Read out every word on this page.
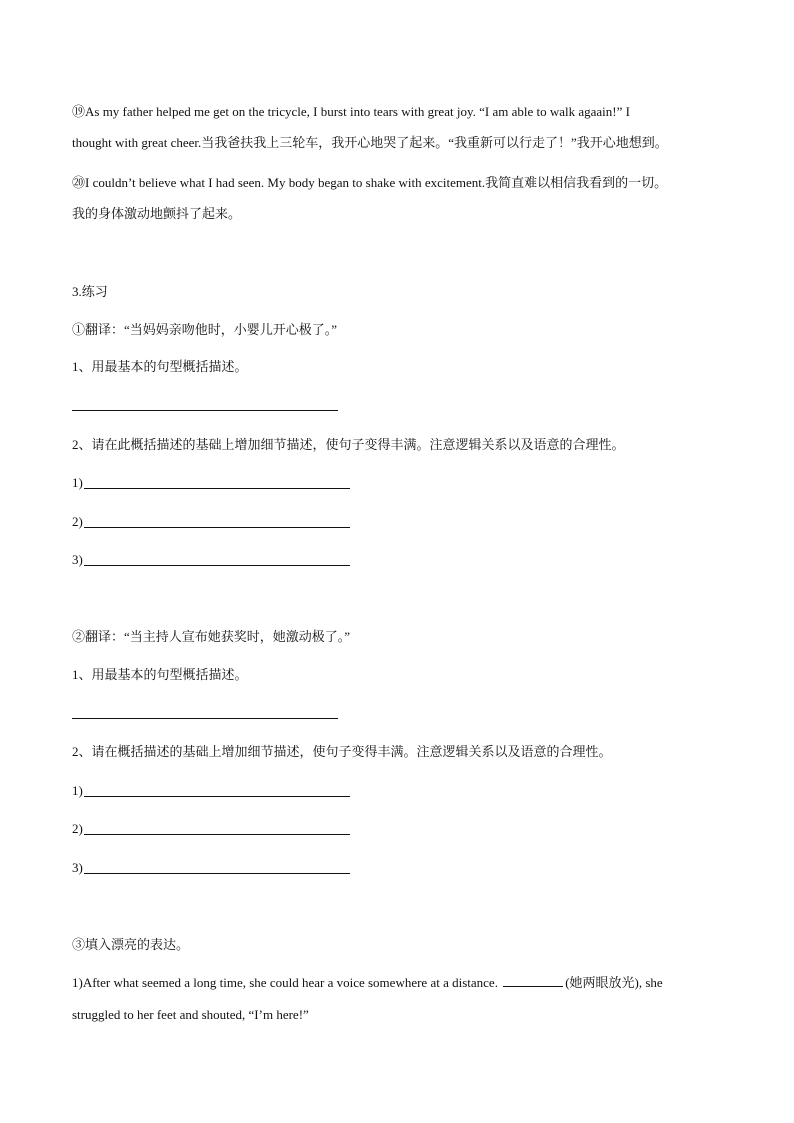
⑲As my father helped me get on the tricycle, I burst into tears with great joy. “I am able to walk agaain!” I

thought with great cheer.当我爸扶我上三轮车，我开心地哭了起来。“我重新可以行走了！”我开心地想到。

⑳I couldn’t believe what I had seen. My body began to shake with excitement.我简直难以相信我看到的一切。

我的身体激动地颤抖了起来。

3.练习

①翻译：“当妈妈亲吻他时，小婴儿开心极了。”

1、用最基本的句型概括描述。

2、请在此概括描述的基础上增加细节描述，使句子变得丰满。注意逻辑关系以及语意的合理性。

1)
2)
3)

②翻译：“当主持人宣布她获奖时，她激动极了。”

1、用最基本的句型概括描述。

2、请在概括描述的基础上增加细节描述，使句子变得丰满。注意逻辑关系以及语意的合理性。

1)
2)
3)

③填入漂亮的表达。

1)After what seemed a long time, she could hear a voice somewhere at a distance.	(她两眼放光), she

struggled to her feet and shouted, “I’m here!”
